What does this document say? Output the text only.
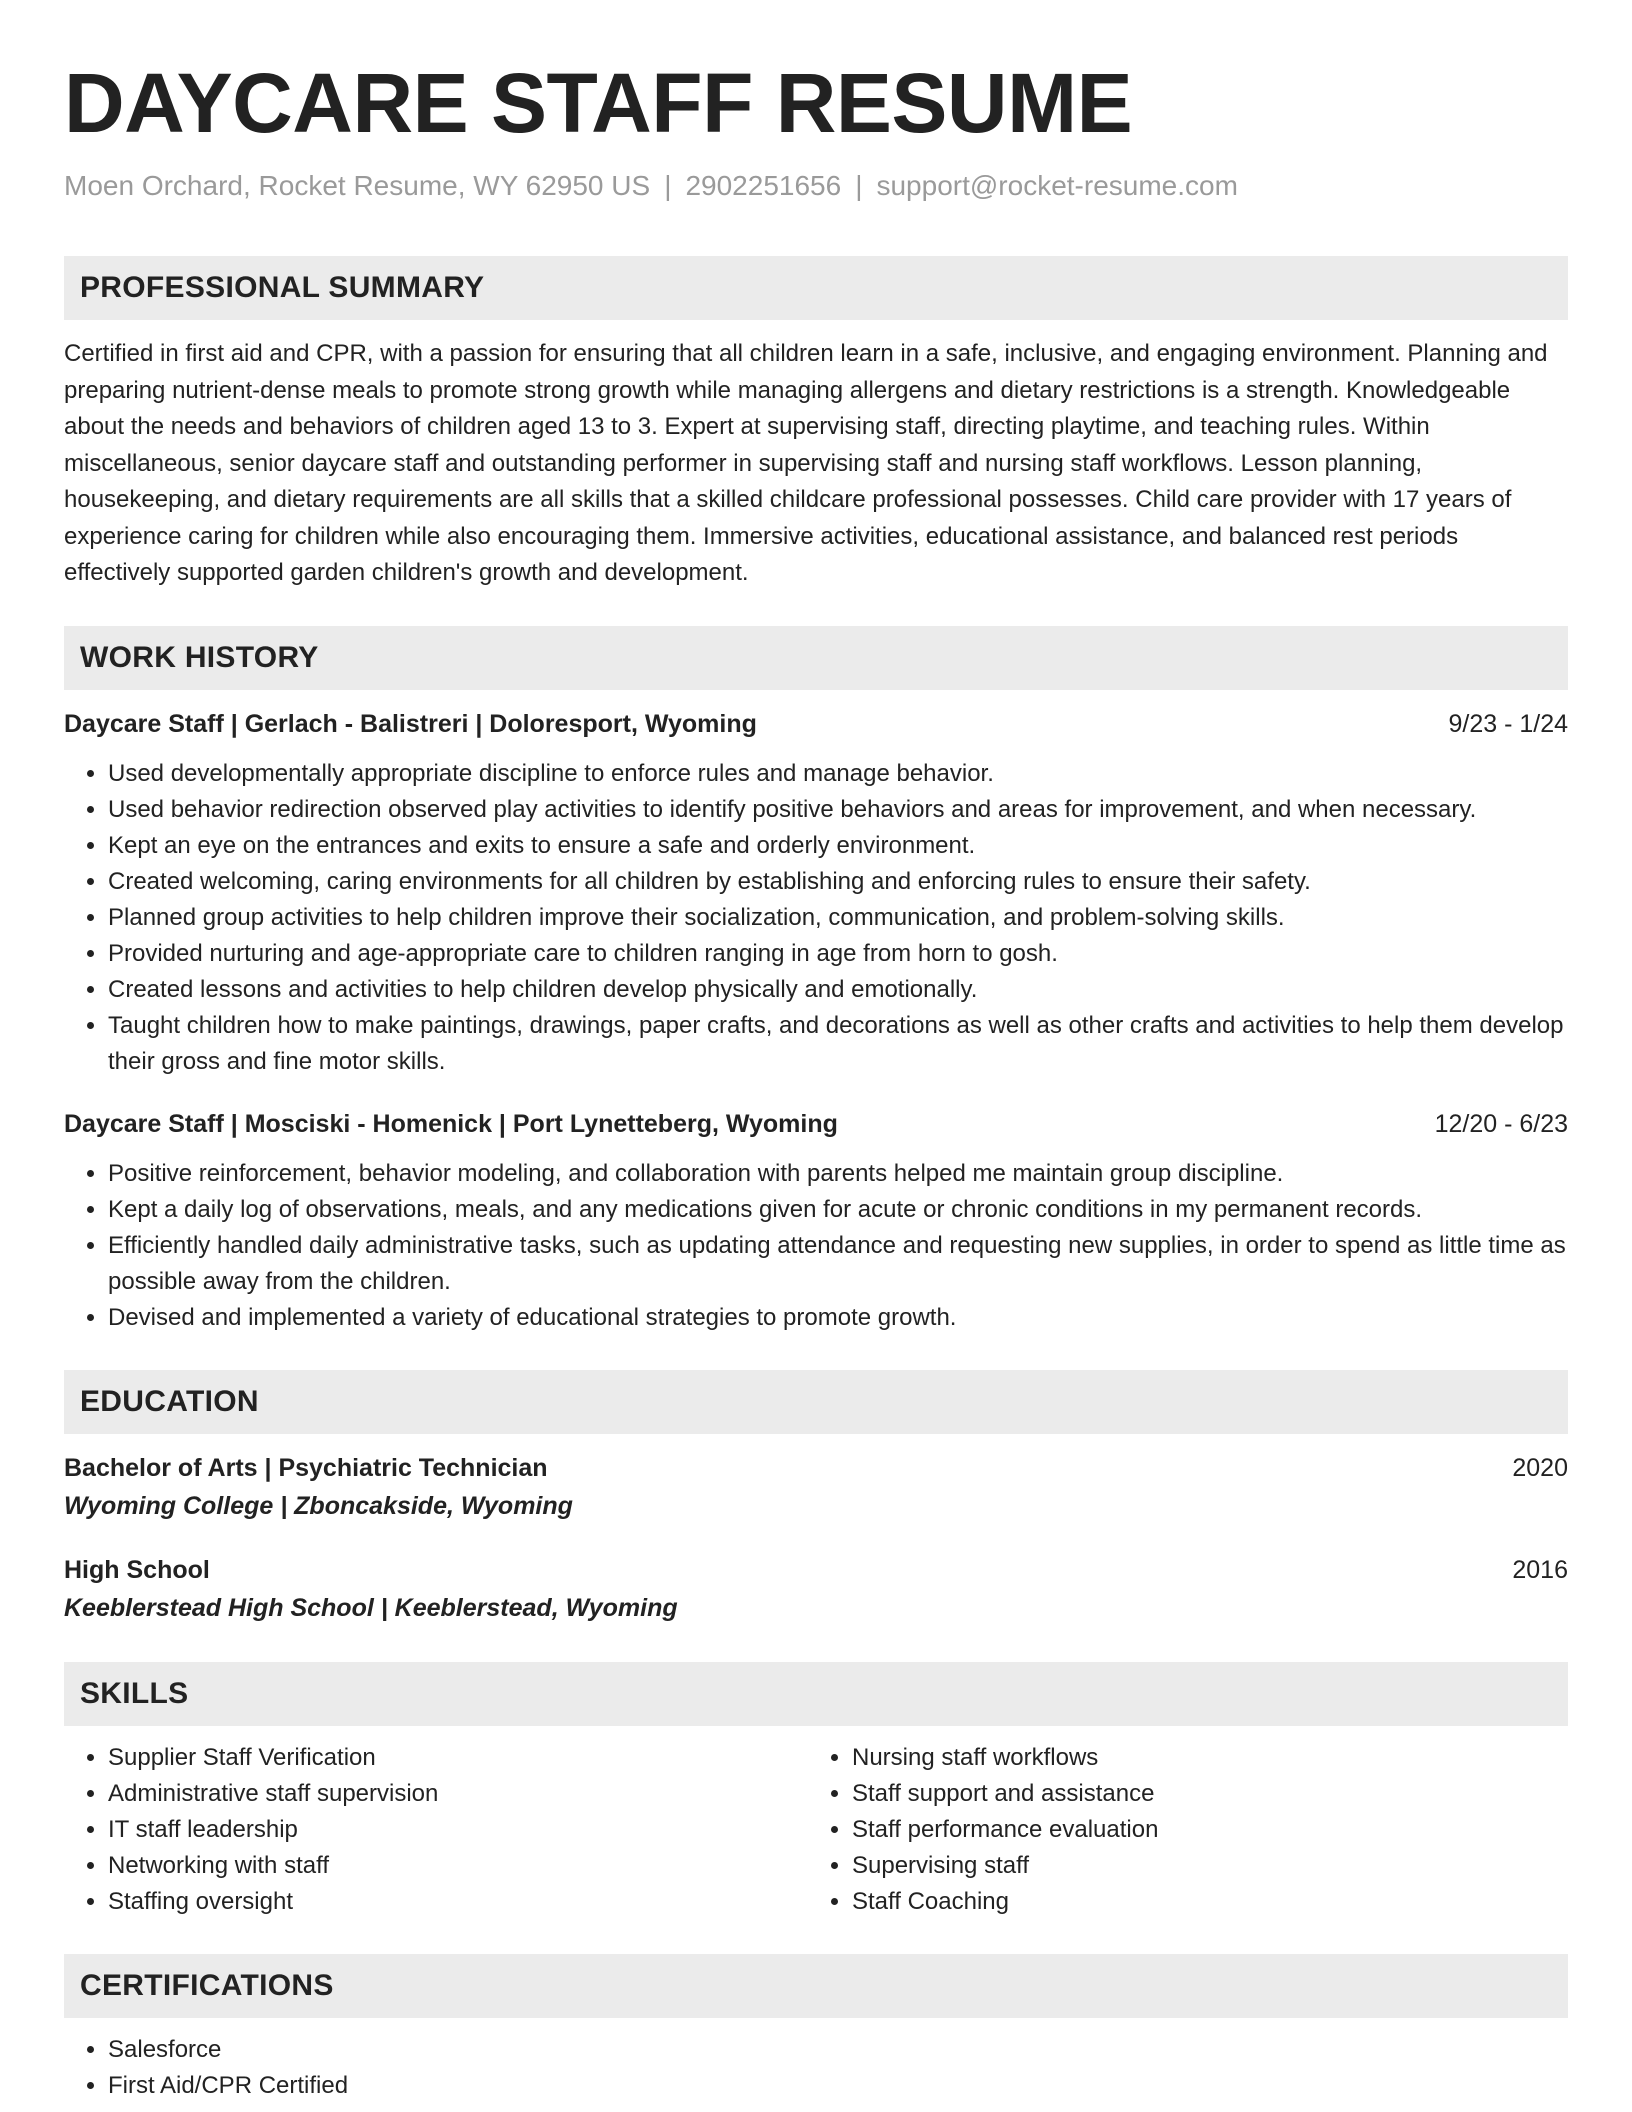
DAYCARE STAFF RESUME
Moen Orchard, Rocket Resume, WY 62950 US | 2902251656 | support@rocket-resume.com
PROFESSIONAL SUMMARY
Certified in first aid and CPR, with a passion for ensuring that all children learn in a safe, inclusive, and engaging environment. Planning and preparing nutrient-dense meals to promote strong growth while managing allergens and dietary restrictions is a strength. Knowledgeable about the needs and behaviors of children aged 13 to 3. Expert at supervising staff, directing playtime, and teaching rules. Within miscellaneous, senior daycare staff and outstanding performer in supervising staff and nursing staff workflows. Lesson planning, housekeeping, and dietary requirements are all skills that a skilled childcare professional possesses. Child care provider with 17 years of experience caring for children while also encouraging them. Immersive activities, educational assistance, and balanced rest periods effectively supported garden children's growth and development.
WORK HISTORY
Daycare Staff | Gerlach - Balistreri | Doloresport, Wyoming	9/23 - 1/24
• Used developmentally appropriate discipline to enforce rules and manage behavior.
• Used behavior redirection observed play activities to identify positive behaviors and areas for improvement, and when necessary.
• Kept an eye on the entrances and exits to ensure a safe and orderly environment.
• Created welcoming, caring environments for all children by establishing and enforcing rules to ensure their safety.
• Planned group activities to help children improve their socialization, communication, and problem-solving skills.
• Provided nurturing and age-appropriate care to children ranging in age from horn to gosh.
• Created lessons and activities to help children develop physically and emotionally.
• Taught children how to make paintings, drawings, paper crafts, and decorations as well as other crafts and activities to help them develop their gross and fine motor skills.
Daycare Staff | Mosciski - Homenick | Port Lynetteberg, Wyoming	12/20 - 6/23
• Positive reinforcement, behavior modeling, and collaboration with parents helped me maintain group discipline.
• Kept a daily log of observations, meals, and any medications given for acute or chronic conditions in my permanent records.
• Efficiently handled daily administrative tasks, such as updating attendance and requesting new supplies, in order to spend as little time as possible away from the children.
• Devised and implemented a variety of educational strategies to promote growth.
EDUCATION
Bachelor of Arts | Psychiatric Technician	2020
Wyoming College | Zboncakside, Wyoming
High School	2016
Keeblerstead High School | Keeblerstead, Wyoming
SKILLS
• Supplier Staff Verification
• Administrative staff supervision
• IT staff leadership
• Networking with staff
• Staffing oversight
• Nursing staff workflows
• Staff support and assistance
• Staff performance evaluation
• Supervising staff
• Staff Coaching
CERTIFICATIONS
• Salesforce
• First Aid/CPR Certified
